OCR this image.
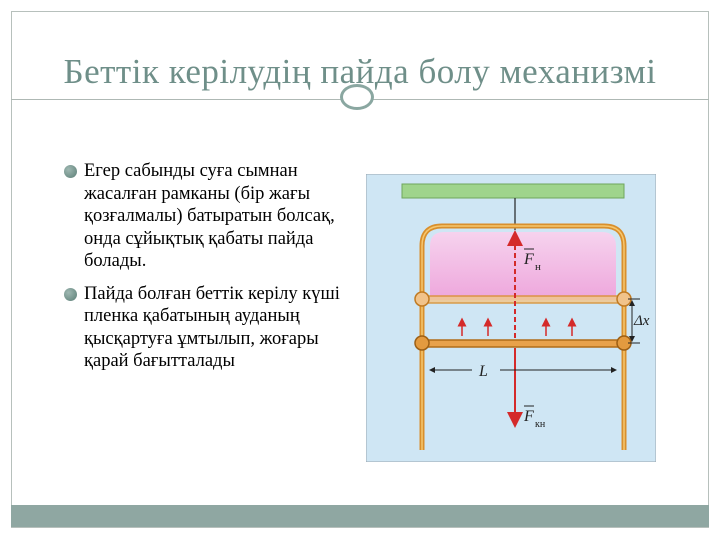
Беттік керілудің пайда болу механизмі
Егер сабынды суға сымнан жасалған рамканы (бір жағы қозғалмалы) батыратын болсақ, онда сұйықтық қабаты пайда болады.
Пайда болған беттік керілу күші пленка қабатының ауданың қысқартуға ұмтылып, жоғары қарай бағытталады
F н
F кн
L
Δx
